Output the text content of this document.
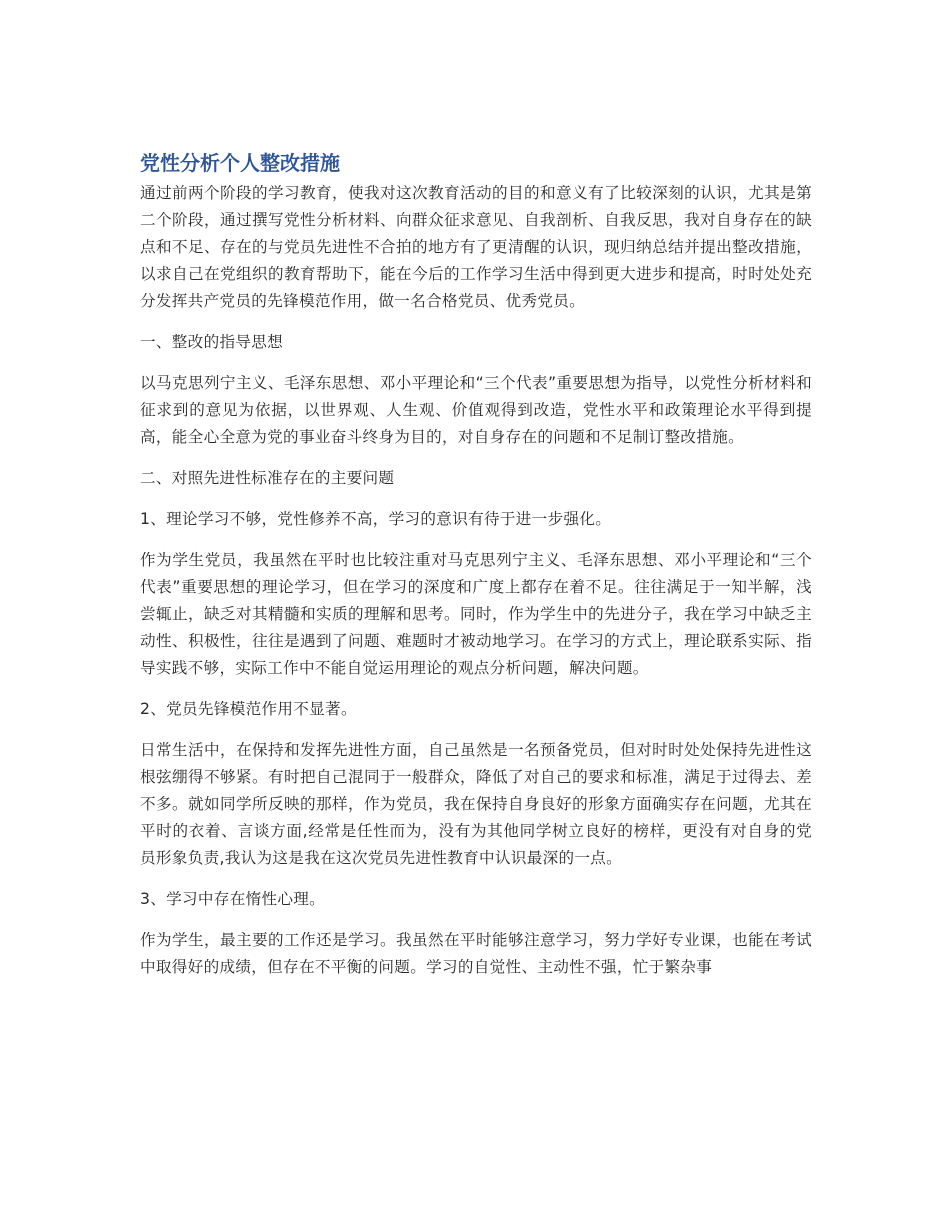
党性分析个人整改措施

通过前两个阶段的学习教育，使我对这次教育活动的目的和意义有了比较深刻的认识，尤其是第二个阶段，通过撰写党性分析材料、向群众征求意见、自我剖析、自我反思，我对自身存在的缺点和不足、存在的与党员先进性不合拍的地方有了更清醒的认识，现归纳总结并提出整改措施，以求自己在党组织的教育帮助下，能在今后的工作学习生活中得到更大进步和提高，时时处处充分发挥共产党员的先锋模范作用，做一名合格党员、优秀党员。

一、整改的指导思想

以马克思列宁主义、毛泽东思想、邓小平理论和“三个代表”重要思想为指导，以党性分析材料和征求到的意见为依据，以世界观、人生观、价值观得到改造，党性水平和政策理论水平得到提高，能全心全意为党的事业奋斗终身为目的，对自身存在的问题和不足制订整改措施。

二、对照先进性标准存在的主要问题

1、理论学习不够，党性修养不高，学习的意识有待于进一步强化。

作为学生党员，我虽然在平时也比较注重对马克思列宁主义、毛泽东思想、邓小平理论和“三个代表”重要思想的理论学习，但在学习的深度和广度上都存在着不足。往往满足于一知半解，浅尝辄止，缺乏对其精髓和实质的理解和思考。同时，作为学生中的先进分子，我在学习中缺乏主动性、积极性，往往是遇到了问题、难题时才被动地学习。在学习的方式上，理论联系实际、指导实践不够，实际工作中不能自觉运用理论的观点分析问题，解决问题。

2、党员先锋模范作用不显著。

日常生活中，在保持和发挥先进性方面，自己虽然是一名预备党员，但对时时处处保持先进性这根弦绷得不够紧。有时把自己混同于一般群众，降低了对自己的要求和标准，满足于过得去、差不多。就如同学所反映的那样，作为党员，我在保持自身良好的形象方面确实存在问题，尤其在平时的衣着、言谈方面,经常是任性而为，没有为其他同学树立良好的榜样，更没有对自身的党员形象负责,我认为这是我在这次党员先进性教育中认识最深的一点。

3、学习中存在惰性心理。

作为学生，最主要的工作还是学习。我虽然在平时能够注意学习，努力学好专业课，也能在考试中取得好的成绩，但存在不平衡的问题。学习的自觉性、主动性不强，忙于繁杂事
